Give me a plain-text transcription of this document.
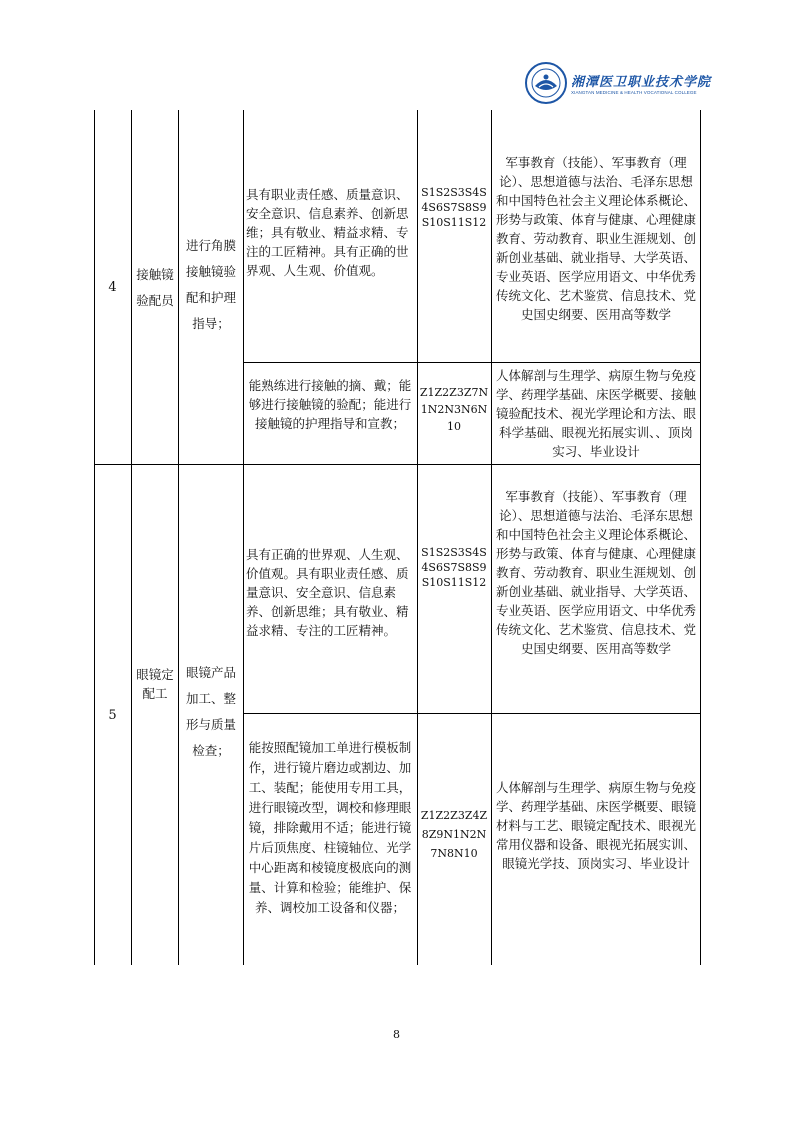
湘潭医卫职业技术学院
XIANGTAN MEDICINE & HEALTH VOCATIONAL COLLEGE
4
接触镜验配员
进行角膜接触镜验配和护理指导；
具有职业责任感、质量意识、安全意识、信息素养、创新思维；具有敬业、精益求精、专注的工匠精神。具有正确的世界观、人生观、价值观。
S1S2S3S4S4S6S7S8S9S10S11S12
军事教育（技能）、军事教育（理论）、思想道德与法治、毛泽东思想和中国特色社会主义理论体系概论、形势与政策、体育与健康、心理健康教育、劳动教育、职业生涯规划、创新创业基础、就业指导、大学英语、专业英语、医学应用语文、中华优秀传统文化、艺术鉴赏、信息技术、党史国史纲要、医用高等数学
能熟练进行接触的摘、戴；能够进行接触镜的验配；能进行接触镜的护理指导和宣教；
Z1Z2Z3Z7N1N2N3N6N10
人体解剖与生理学、病原生物与免疫学、药理学基础、床医学概要、接触镜验配技术、视光学理论和方法、眼科学基础、眼视光拓展实训、、顶岗实习、毕业设计
5
眼镜定配工
眼镜产品加工、整形与质量检查；
具有正确的世界观、人生观、价值观。具有职业责任感、质量意识、安全意识、信息素养、创新思维；具有敬业、精益求精、专注的工匠精神。
S1S2S3S4S4S6S7S8S9S10S11S12
军事教育（技能）、军事教育（理论）、思想道德与法治、毛泽东思想和中国特色社会主义理论体系概论、形势与政策、体育与健康、心理健康教育、劳动教育、职业生涯规划、创新创业基础、就业指导、大学英语、专业英语、医学应用语文、中华优秀传统文化、艺术鉴赏、信息技术、党史国史纲要、医用高等数学
能按照配镜加工单进行模板制作，进行镜片磨边或割边、加工、装配；能使用专用工具，进行眼镜改型，调校和修理眼镜，排除戴用不适；能进行镜片后顶焦度、柱镜轴位、光学中心距离和棱镜度极底向的测量、计算和检验；能维护、保养、调校加工设备和仪器；
Z1Z2Z3Z4Z8Z9N1N2N7N8N10
人体解剖与生理学、病原生物与免疫学、药理学基础、床医学概要、眼镜材料与工艺、眼镜定配技术、眼视光常用仪器和设备、眼视光拓展实训、眼镜光学技、顶岗实习、毕业设计
8
